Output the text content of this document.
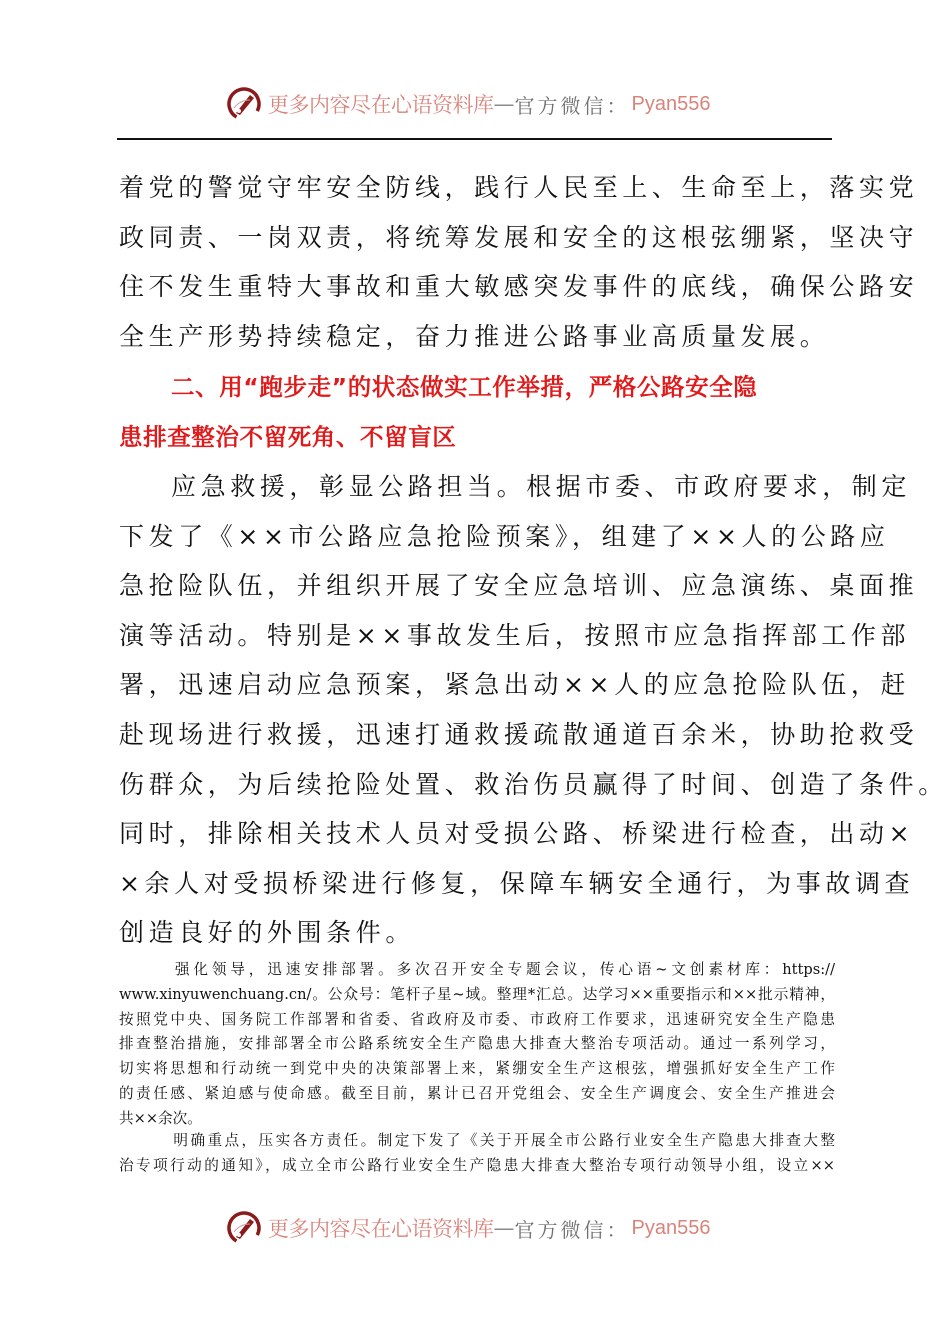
更多内容尽在心语资料库 — 官方微信： Pyan556
着党的警觉守牢安全防线，践行人民至上、生命至上，落实党
政同责、一岗双责，将统筹发展和安全的这根弦绷紧，坚决守
住不发生重特大事故和重大敏感突发事件的底线，确保公路安
全生产形势持续稳定，奋力推进公路事业高质量发展。
二、用“跑步走”的状态做实工作举措，严格公路安全隐
患排查整治不留死角、不留盲区
应急救援，彰显公路担当。根据市委、市政府要求，制定
下发了《××市公路应急抢险预案》，组建了××人的公路应
急抢险队伍，并组织开展了安全应急培训、应急演练、桌面推
演等活动。特别是××事故发生后，按照市应急指挥部工作部
署，迅速启动应急预案，紧急出动××人的应急抢险队伍，赶
赴现场进行救援，迅速打通救援疏散通道百余米，协助抢救受
伤群众，为后续抢险处置、救治伤员赢得了时间、创造了条件。
同时，排除相关技术人员对受损公路、桥梁进行检查，出动×
×余人对受损桥梁进行修复，保障车辆安全通行，为事故调查
创造良好的外围条件。
强化领导，迅速安排部署。多次召开安全专题会议，传心语~文创素材库：https://
www.xinyuwenchuang.cn/。公众号：笔杆子星~域。整理*汇总。达学习××重要指示和××批示精神，
按照党中央、国务院工作部署和省委、省政府及市委、市政府工作要求，迅速研究安全生产隐患
排查整治措施，安排部署全市公路系统安全生产隐患大排查大整治专项活动。通过一系列学习，
切实将思想和行动统一到党中央的决策部署上来，紧绷安全生产这根弦，增强抓好安全生产工作
的责任感、紧迫感与使命感。截至目前，累计已召开党组会、安全生产调度会、安全生产推进会
共××余次。
明确重点，压实各方责任。制定下发了《关于开展全市公路行业安全生产隐患大排查大整
治专项行动的通知》，成立全市公路行业安全生产隐患大排查大整治专项行动领导小组，设立××
更多内容尽在心语资料库 — 官方微信： Pyan556
